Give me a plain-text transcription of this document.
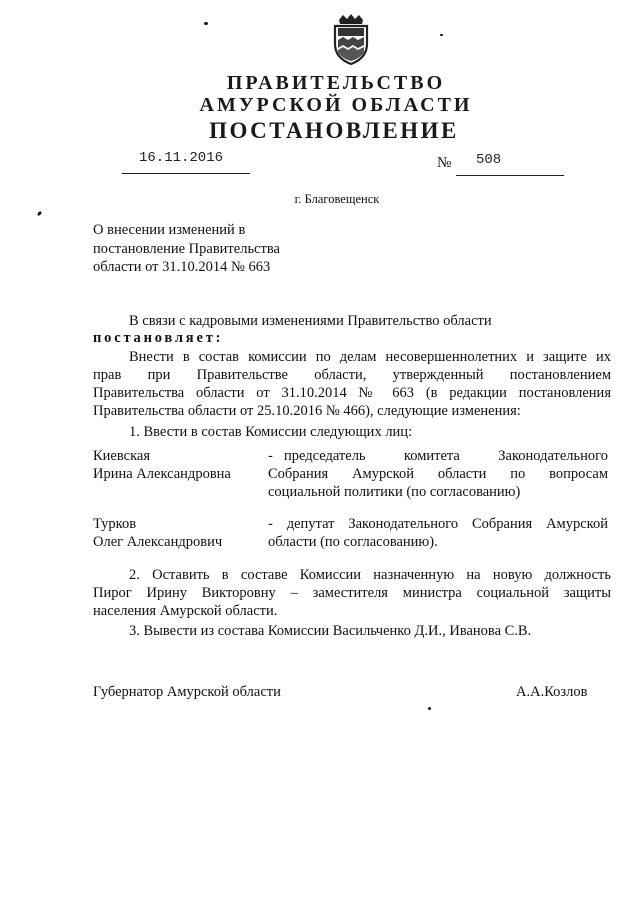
ПРАВИТЕЛЬСТВО
АМУРСКОЙ ОБЛАСТИ
ПОСТАНОВЛЕНИЕ
16.11.2016	№ 508
г. Благовещенск
О внесении изменений в
постановление Правительства
области от 31.10.2014 № 663
В связи с кадровыми изменениями Правительство области
постановляет:
Внести в состав комиссии по делам несовершеннолетних и защите их
прав при Правительстве области, утвержденный постановлением
Правительства области от 31.10.2014 № 663 (в редакции постановления
Правительства области от 25.10.2016 № 466), следующие изменения:
1. Ввести в состав Комиссии следующих лиц:
Киевская
Ирина Александровна
- председатель комитета Законодательного
Собрания Амурской области по вопросам
социальной политики (по согласованию)
Турков
Олег Александрович
- депутат Законодательного Собрания Амурской
области (по согласованию).
2. Оставить в составе Комиссии назначенную на новую должность
Пирог Ирину Викторовну – заместителя министра социальной защиты
населения Амурской области.
3. Вывести из состава Комиссии Васильченко Д.И., Иванова С.В.
Губернатор Амурской области	А.А.Козлов
